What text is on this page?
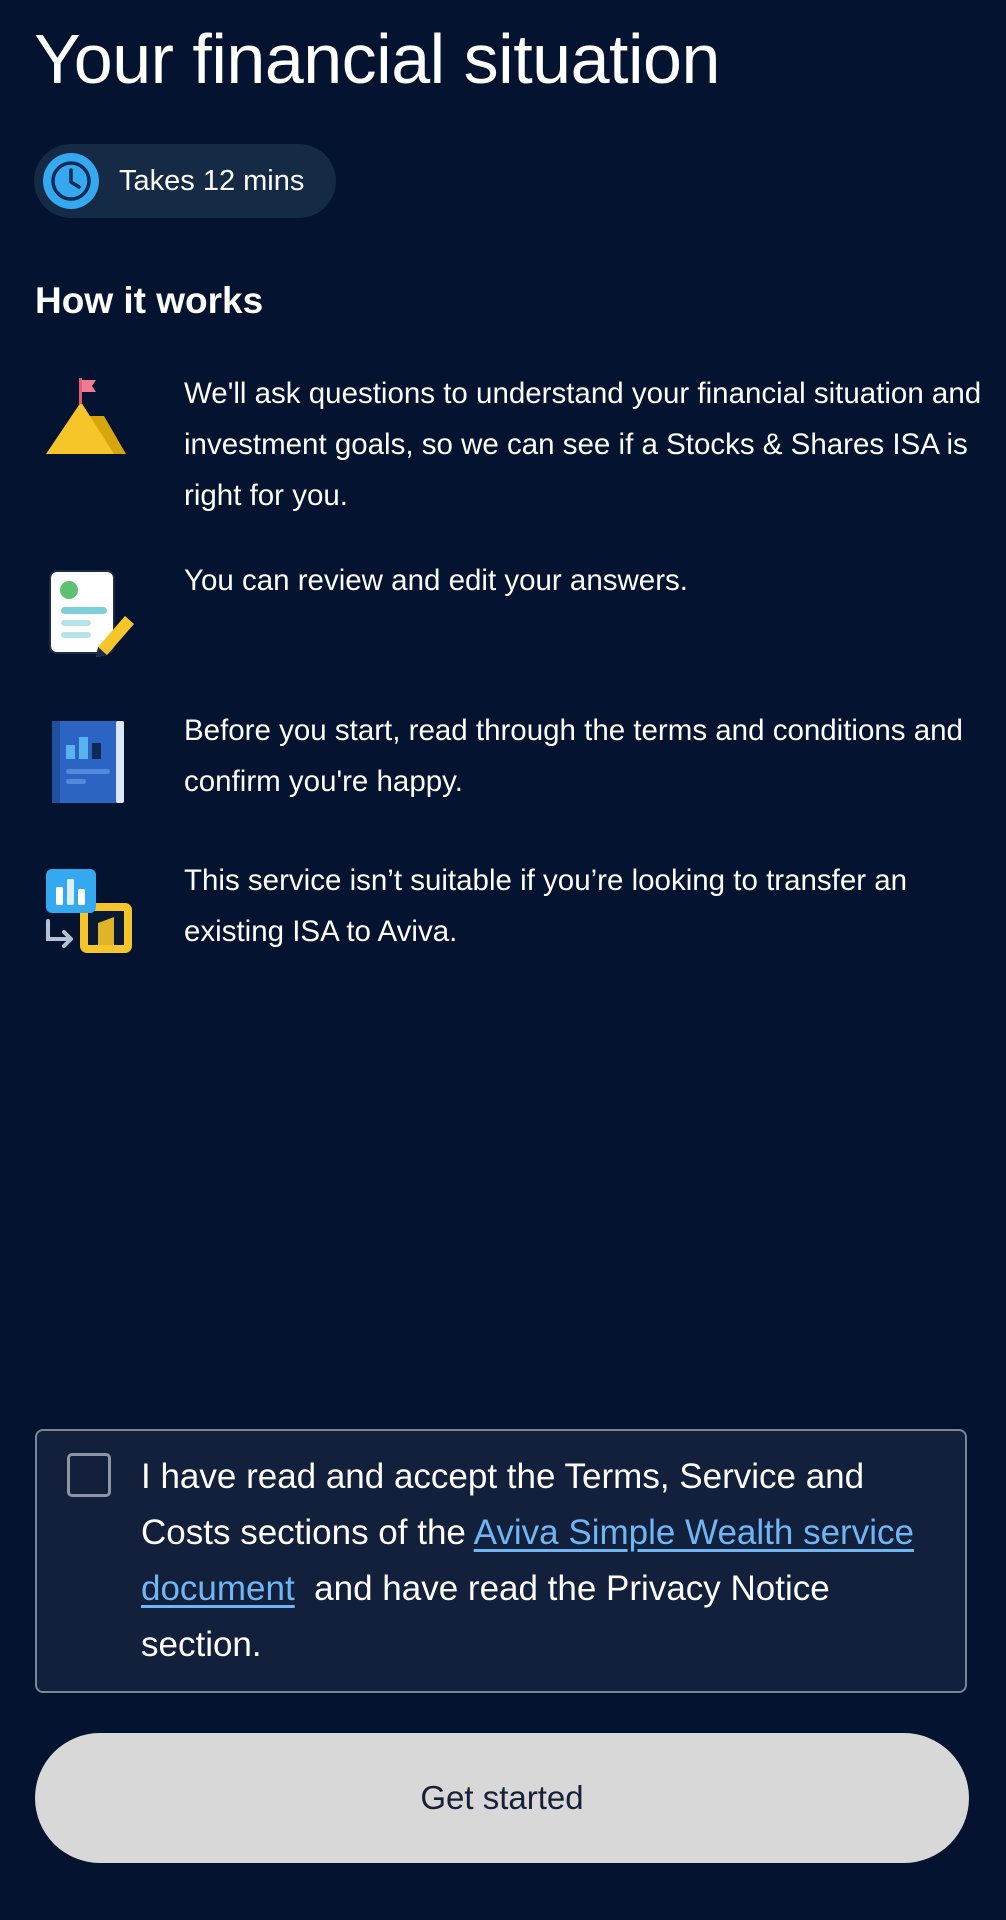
Your financial situation
Takes 12 mins
How it works
We'll ask questions to understand your financial situation and investment goals, so we can see if a Stocks & Shares ISA is right for you.
You can review and edit your answers.
Before you start, read through the terms and conditions and confirm you're happy.
This service isn’t suitable if you’re looking to transfer an existing ISA to Aviva.
I have read and accept the Terms, Service and Costs sections of the Aviva Simple Wealth service document  and have read the Privacy Notice section.
Get started
